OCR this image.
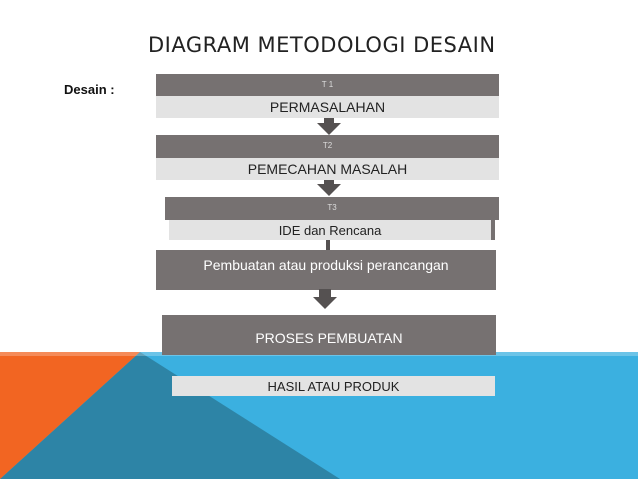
DIAGRAM METODOLOGI DESAIN
Desain :	T 1
PERMASALAHAN
T2
PEMECAHAN MASALAH
T3
IDE dan Rencana
Pembuatan atau produksi perancangan
PROSES PEMBUATAN
HASIL ATAU PRODUK
